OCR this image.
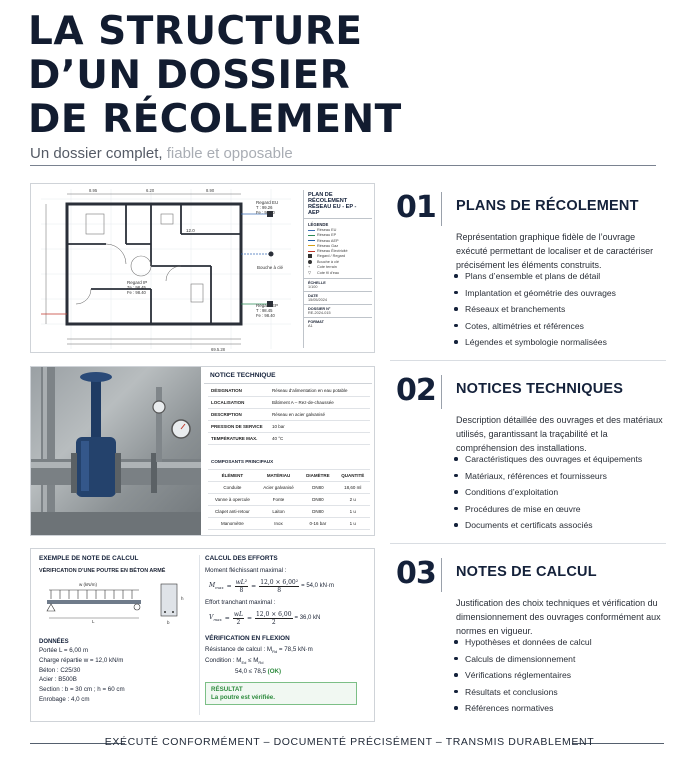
LA STRUCTURE
D’UN DOSSIER
DE RÉCOLEMENT
Un dossier complet, fiable et opposable
Regard EU
T : 99.26
Fe : 98.30
Bouche à clé
Regard EP
T : 98.45
Fe : 98.40
Regard IP
Ze : 98.45
Fe : 98.40
12.0
8.95	6.20	8.90
69.5.28
PLAN DE RÉCOLEMENT
RÉSEAU EU - EP - AEP
LÉGENDE
Réseau EU
Réseau EP
Réseau AEP
Réseau Gaz
Réseau Électricité
Regard / Regard
Bouche à clé
+ Cote terrain
▽ Cote fil d'eau
ÉCHELLE
1/100
DATE
15/05/2024
DOSSIER N°
RE-2024-015
FORMAT
A1
NOTICE TECHNIQUE
DÉSIGNATION	Réseau d’alimentation en eau potable
LOCALISATION	Bâtiment A – Rez-de-chaussée
DESCRIPTION	Réseau en acier galvanisé
PRESSION DE SERVICE	10 bar
TEMPÉRATURE MAX.	40 °C
COMPOSANTS PRINCIPAUX
ÉLÉMENT	MATÉRIAU	DIAMÈTRE	QUANTITÉ
Conduite	Acier galvanisé	DN80	18,60 ml
Vanne à opercule	Fonte	DN80	2 u
Clapet anti-retour	Laiton	DN80	1 u
Manomètre	Inox	0-16 bar	1 u
EXEMPLE DE NOTE DE CALCUL
VÉRIFICATION D’UNE POUTRE EN BÉTON ARMÉ
w (kN/m)
L
h
b
DONNÉES
Portée L = 6,00 m
Charge répartie w = 12,0 kN/m
Béton : C25/30
Acier : B500B
Section : b = 30 cm ; h = 60 cm
Enrobage : 4,0 cm
CALCUL DES EFFORTS
Moment fléchissant maximal :
$M_{max} = \frac{\text{wL²}}{8} = \frac{\text{12,0 × 6,00²}}{8} = 54,0$ kN·m
Effort tranchant maximal :
$V_{max} = \frac{wL}{2} = \frac{12,0 \times 6,00}{2} = 36,0$ kN
VÉRIFICATION EN FLEXION
Résistance de calcul : $M_{Rd} = 78,5$ kN·m
Condition : $M_{Ed} \le M_{Rd}$
54,0 ≤ 78,5 (OK)
RÉSULTAT
La poutre est vérifiée.
01 PLANS DE RÉCOLEMENT
Représentation graphique fidèle de l’ouvrage exécuté permettant de localiser et de caractériser précisément les éléments construits.
Plans d’ensemble et plans de détail
Implantation et géométrie des ouvrages
Réseaux et branchements
Cotes, altimétries et références
Légendes et symbologie normalisées
02 NOTICES TECHNIQUES
Description détaillée des ouvrages et des matériaux utilisés, garantissant la traçabilité et la compréhension des installations.
Caractéristiques des ouvrages et équipements
Matériaux, références et fournisseurs
Conditions d’exploitation
Procédures de mise en œuvre
Documents et certificats associés
03 NOTES DE CALCUL
Justification des choix techniques et vérification du dimensionnement des ouvrages conformément aux normes en vigueur.
Hypothèses et données de calcul
Calculs de dimensionnement
Vérifications réglementaires
Résultats et conclusions
Références normatives
EXÉCUTÉ CONFORMÉMENT – DOCUMENTÉ PRÉCISÉMENT – TRANSMIS DURABLEMENT
